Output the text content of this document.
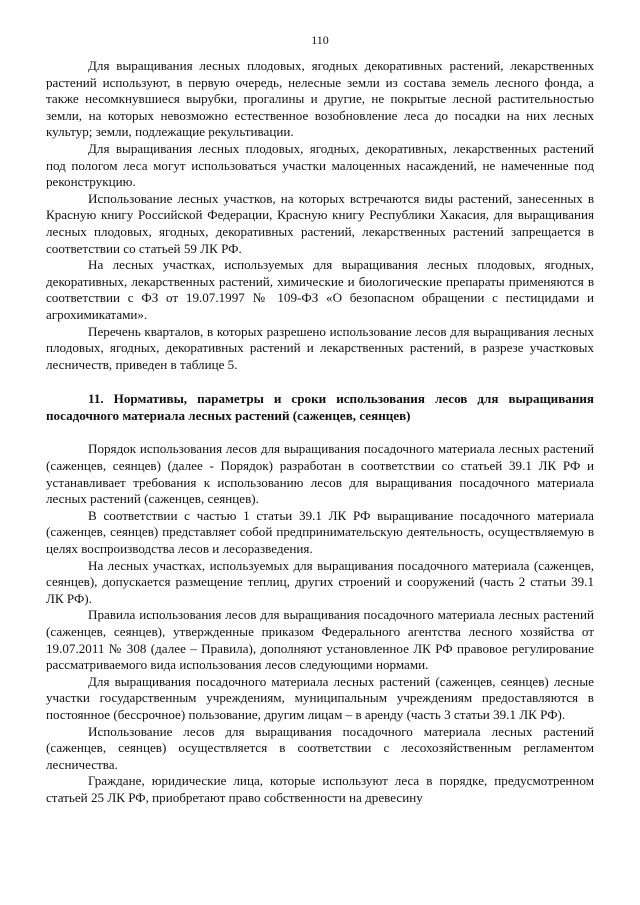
110

Для выращивания лесных плодовых, ягодных декоративных растений, лекарственных растений используют, в первую очередь, нелесные земли из состава земель лесного фонда, а также несомкнувшиеся вырубки, прогалины и другие, не покрытые лесной растительностью земли, на которых невозможно естественное возобновление леса до посадки на них лесных культур; земли, подлежащие рекультивации.

Для выращивания лесных плодовых, ягодных, декоративных, лекарственных растений под пологом леса могут использоваться участки малоценных насаждений, не намеченные под реконструкцию.

Использование лесных участков, на которых встречаются виды растений, занесенных в Красную книгу Российской Федерации, Красную книгу Республики Хакасия, для выращивания лесных плодовых, ягодных, декоративных растений, лекарственных растений запрещается в соответствии со статьей 59 ЛК РФ.

На лесных участках, используемых для выращивания лесных плодовых, ягодных, декоративных, лекарственных растений, химические и биологические препараты применяются в соответствии с ФЗ от 19.07.1997 № 109-ФЗ «О безопасном обращении с пестицидами и агрохимикатами».

Перечень кварталов, в которых разрешено использование лесов для выращивания лесных плодовых, ягодных, декоративных растений и лекарственных растений, в разрезе участковых лесничеств, приведен в таблице 5.

11. Нормативы, параметры и сроки использования лесов для выращивания посадочного материала лесных растений (саженцев, сеянцев)

Порядок использования лесов для выращивания посадочного материала лесных растений (саженцев, сеянцев) (далее - Порядок) разработан в соответствии со статьей 39.1 ЛК РФ и устанавливает требования к использованию лесов для выращивания посадочного материала лесных растений (саженцев, сеянцев).

В соответствии с частью 1 статьи 39.1 ЛК РФ выращивание посадочного материала (саженцев, сеянцев) представляет собой предпринимательскую деятельность, осуществляемую в целях воспроизводства лесов и лесоразведения.

На лесных участках, используемых для выращивания посадочного материала (саженцев, сеянцев), допускается размещение теплиц, других строений и сооружений (часть 2 статьи 39.1 ЛК РФ).

Правила использования лесов для выращивания посадочного материала лесных растений (саженцев, сеянцев), утвержденные приказом Федерального агентства лесного хозяйства от 19.07.2011 № 308 (далее – Правила), дополняют установленное ЛК РФ правовое регулирование рассматриваемого вида использования лесов следующими нормами.

Для выращивания посадочного материала лесных растений (саженцев, сеянцев) лесные участки государственным учреждениям, муниципальным учреждениям предоставляются в постоянное (бессрочное) пользование, другим лицам – в аренду (часть 3 статьи 39.1 ЛК РФ).

Использование лесов для выращивания посадочного материала лесных растений (саженцев, сеянцев) осуществляется в соответствии с лесохозяйственным регламентом лесничества.

Граждане, юридические лица, которые используют леса в порядке, предусмотренном статьей 25 ЛК РФ, приобретают право собственности на древесину
